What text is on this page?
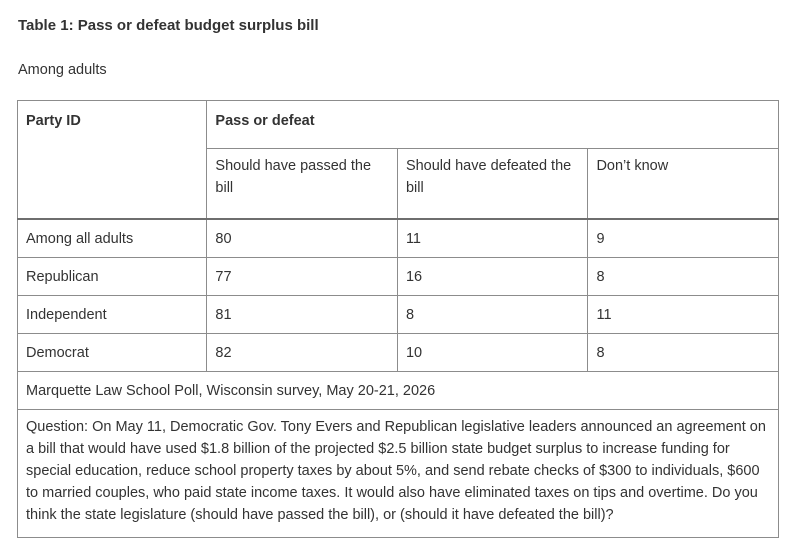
Table 1: Pass or defeat budget surplus bill

Among adults

Party ID	Pass or defeat		
	Should have passed the bill	Should have defeated the bill	Don’t know
Among all adults	80	11	9
Republican	77	16	8
Independent	81	8	11
Democrat	82	10	8
Marquette Law School Poll, Wisconsin survey, May 20-21, 2026			
Question: On May 11, Democratic Gov. Tony Evers and Republican legislative leaders announced an agreement on a bill that would have used $1.8 billion of the projected $2.5 billion state budget surplus to increase funding for special education, reduce school property taxes by about 5%, and send rebate checks of $300 to individuals, $600 to married couples, who paid state income taxes. It would also have eliminated taxes on tips and overtime. Do you think the state legislature (should have passed the bill), or (should it have defeated the bill)?			
